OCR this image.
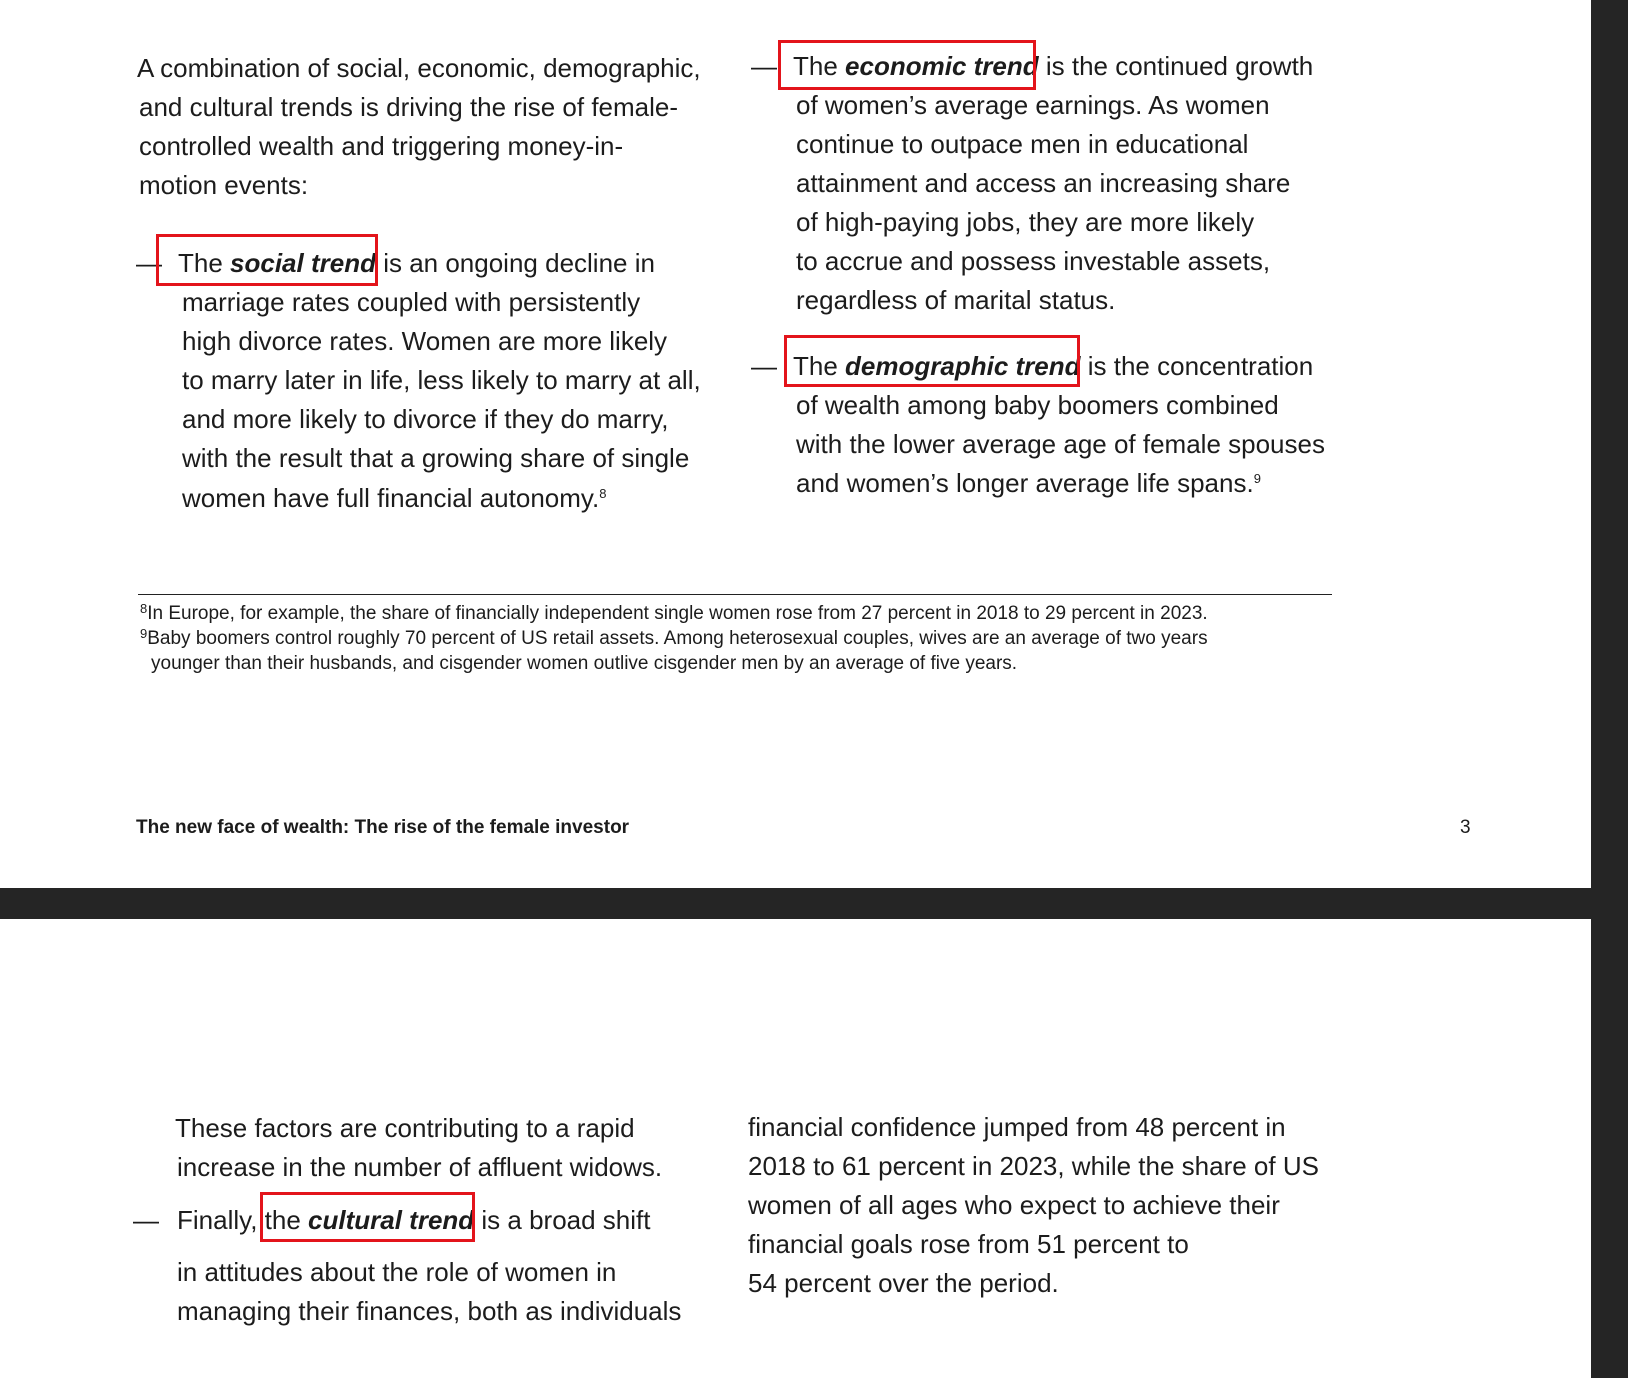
A combination of social, economic, demographic,

and cultural trends is driving the rise of female-

controlled wealth and triggering money-in-

motion events:

— The social trend is an ongoing decline in

marriage rates coupled with persistently

high divorce rates. Women are more likely

to marry later in life, less likely to marry at all,

and more likely to divorce if they do marry,

with the result that a growing share of single

women have full financial autonomy.$^8$

— The economic trend is the continued growth

of women’s average earnings. As women

continue to outpace men in educational

attainment and access an increasing share

of high-paying jobs, they are more likely

to accrue and possess investable assets,

regardless of marital status.

— The demographic trend is the concentration

of wealth among baby boomers combined

with the lower average age of female spouses

and women’s longer average life spans.$^9$

$^8$In Europe, for example, the share of financially independent single women rose from 27 percent in 2018 to 29 percent in 2023.

$^9$Baby boomers control roughly 70 percent of US retail assets. Among heterosexual couples, wives are an average of two years

younger than their husbands, and cisgender women outlive cisgender men by an average of five years.

The new face of wealth: The rise of the female investor	3

These factors are contributing to a rapid

increase in the number of affluent widows.

— Finally, the cultural trend is a broad shift

in attitudes about the role of women in

managing their finances, both as individuals

financial confidence jumped from 48 percent in

2018 to 61 percent in 2023, while the share of US

women of all ages who expect to achieve their

financial goals rose from 51 percent to

54 percent over the period.
